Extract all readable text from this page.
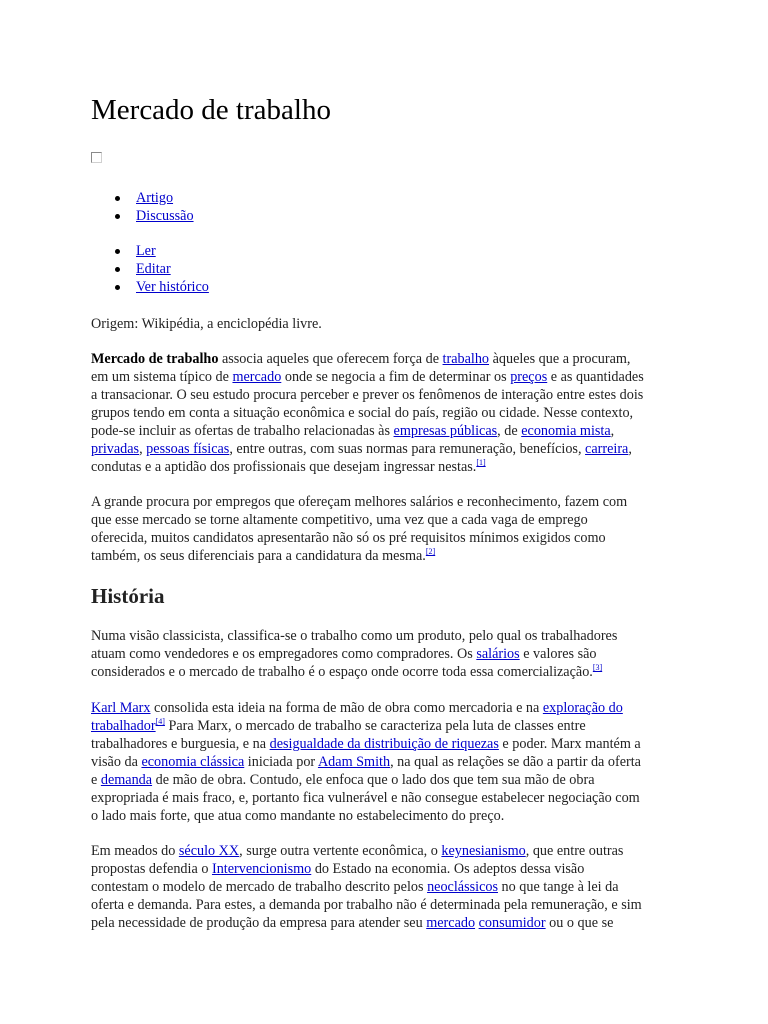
Mercado de trabalho
Artigo
Discussão
Ler
Editar
Ver histórico

Origem: Wikipédia, a enciclopédia livre.

Mercado de trabalho associa aqueles que oferecem força de trabalho àqueles que a procuram,
em um sistema típico de mercado onde se negocia a fim de determinar os preços e as quantidades
a transacionar. O seu estudo procura perceber e prever os fenômenos de interação entre estes dois
grupos tendo em conta a situação econômica e social do país, região ou cidade. Nesse contexto,
pode-se incluir as ofertas de trabalho relacionadas às empresas públicas, de economia mista,
privadas, pessoas físicas, entre outras, com suas normas para remuneração, benefícios, carreira,
condutas e a aptidão dos profissionais que desejam ingressar nestas.[1]

A grande procura por empregos que ofereçam melhores salários e reconhecimento, fazem com
que esse mercado se torne altamente competitivo, uma vez que a cada vaga de emprego
oferecida, muitos candidatos apresentarão não só os pré requisitos mínimos exigidos como
também, os seus diferenciais para a candidatura da mesma.[2]

História

Numa visão classicista, classifica-se o trabalho como um produto, pelo qual os trabalhadores
atuam como vendedores e os empregadores como compradores. Os salários e valores são
considerados e o mercado de trabalho é o espaço onde ocorre toda essa comercialização.[3]

Karl Marx consolida esta ideia na forma de mão de obra como mercadoria e na exploração do
trabalhador[4] Para Marx, o mercado de trabalho se caracteriza pela luta de classes entre
trabalhadores e burguesia, e na desigualdade da distribuição de riquezas e poder. Marx mantém a
visão da economia clássica iniciada por Adam Smith, na qual as relações se dão a partir da oferta
e demanda de mão de obra. Contudo, ele enfoca que o lado dos que tem sua mão de obra
expropriada é mais fraco, e, portanto fica vulnerável e não consegue estabelecer negociação com
o lado mais forte, que atua como mandante no estabelecimento do preço.

Em meados do século XX, surge outra vertente econômica, o keynesianismo, que entre outras
propostas defendia o Intervencionismo do Estado na economia. Os adeptos dessa visão
contestam o modelo de mercado de trabalho descrito pelos neoclássicos no que tange à lei da
oferta e demanda. Para estes, a demanda por trabalho não é determinada pela remuneração, e sim
pela necessidade de produção da empresa para atender seu mercado consumidor ou o que se
